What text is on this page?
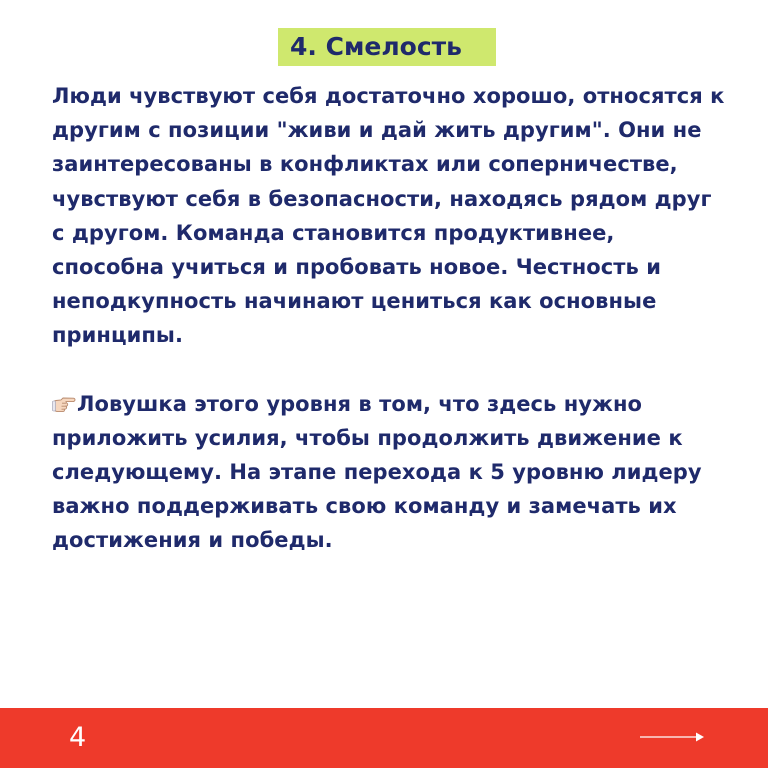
4. Смелость

Люди чувствуют себя достаточно хорошо, относятся к другим с позиции "живи и дай жить другим". Они не заинтересованы в конфликтах или соперничестве, чувствуют себя в безопасности, находясь рядом друг с другом. Команда становится продуктивнее, способна учиться и пробовать новое. Честность и неподкупность начинают цениться как основные принципы.

Ловушка этого уровня в том, что здесь нужно приложить усилия, чтобы продолжить движение к следующему. На этапе перехода к 5 уровню лидеру важно поддерживать свою команду и замечать их достижения и победы.

4
